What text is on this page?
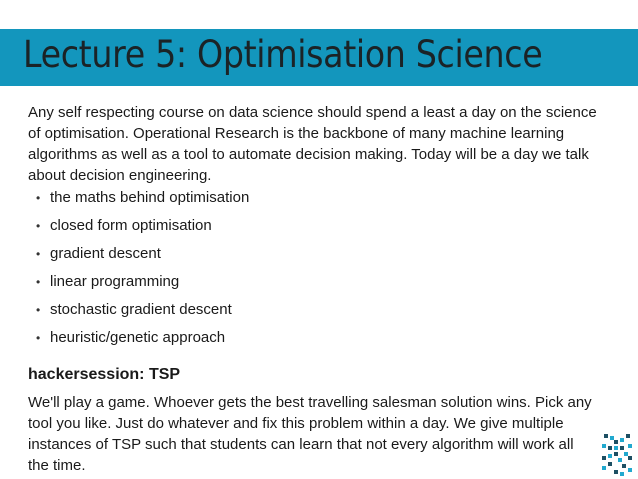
Lecture 5: Optimisation Science

Any self respecting course on data science should spend a least a day on the science of optimisation. Operational Research is the backbone of many machine learning algorithms as well as a tool to automate decision making. Today will be a day we talk about decision engineering.

• the maths behind optimisation
• closed form optimisation
• gradient descent
• linear programming
• stochastic gradient descent
• heuristic/genetic approach
hackersession: TSP

We'll play a game. Whoever gets the best travelling salesman solution wins. Pick any tool you like. Just do whatever and fix this problem within a day. We give multiple instances of TSP such that students can learn that not every algorithm will work all the time.
